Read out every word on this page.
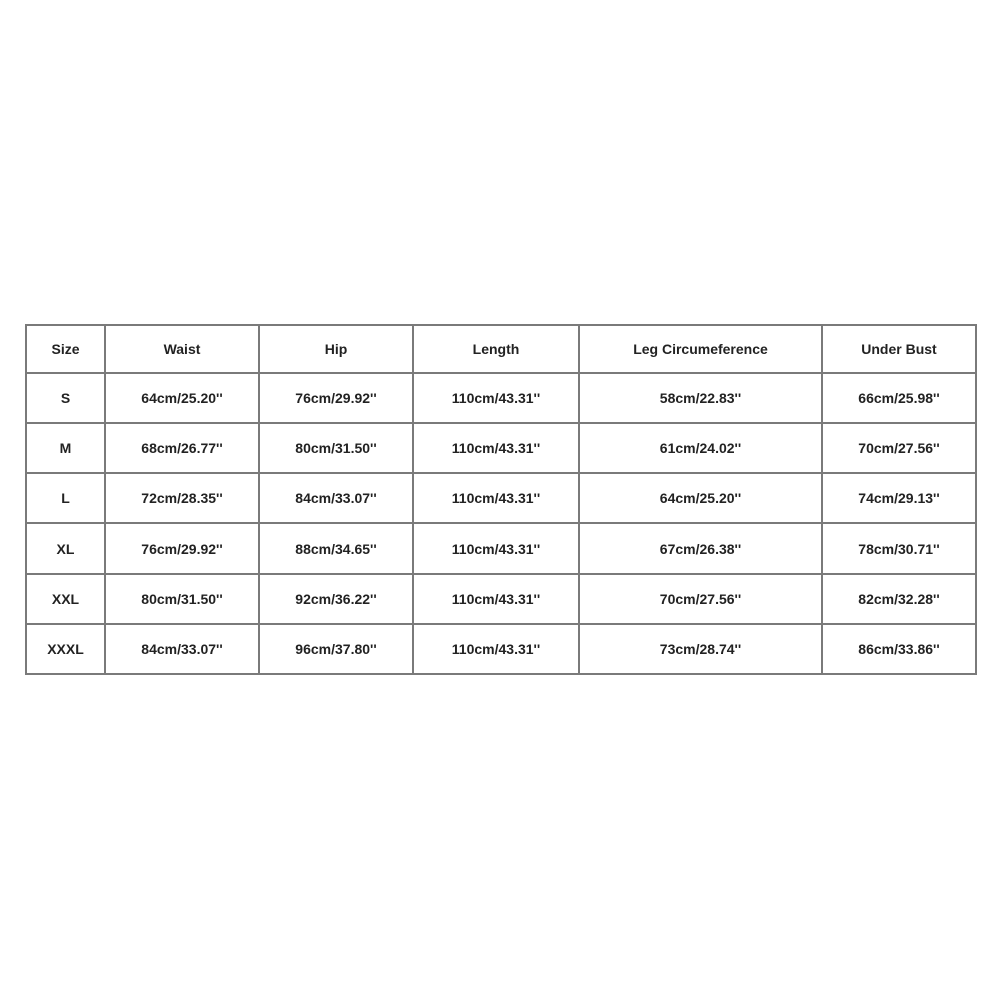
Size	Waist	Hip	Length	Leg Circumeference	Under Bust
S	64cm/25.20''	76cm/29.92''	110cm/43.31''	58cm/22.83''	66cm/25.98''
M	68cm/26.77''	80cm/31.50''	110cm/43.31''	61cm/24.02''	70cm/27.56''
L	72cm/28.35''	84cm/33.07''	110cm/43.31''	64cm/25.20''	74cm/29.13''
XL	76cm/29.92''	88cm/34.65''	110cm/43.31''	67cm/26.38''	78cm/30.71''
XXL	80cm/31.50''	92cm/36.22''	110cm/43.31''	70cm/27.56''	82cm/32.28''
XXXL	84cm/33.07''	96cm/37.80''	110cm/43.31''	73cm/28.74''	86cm/33.86''
